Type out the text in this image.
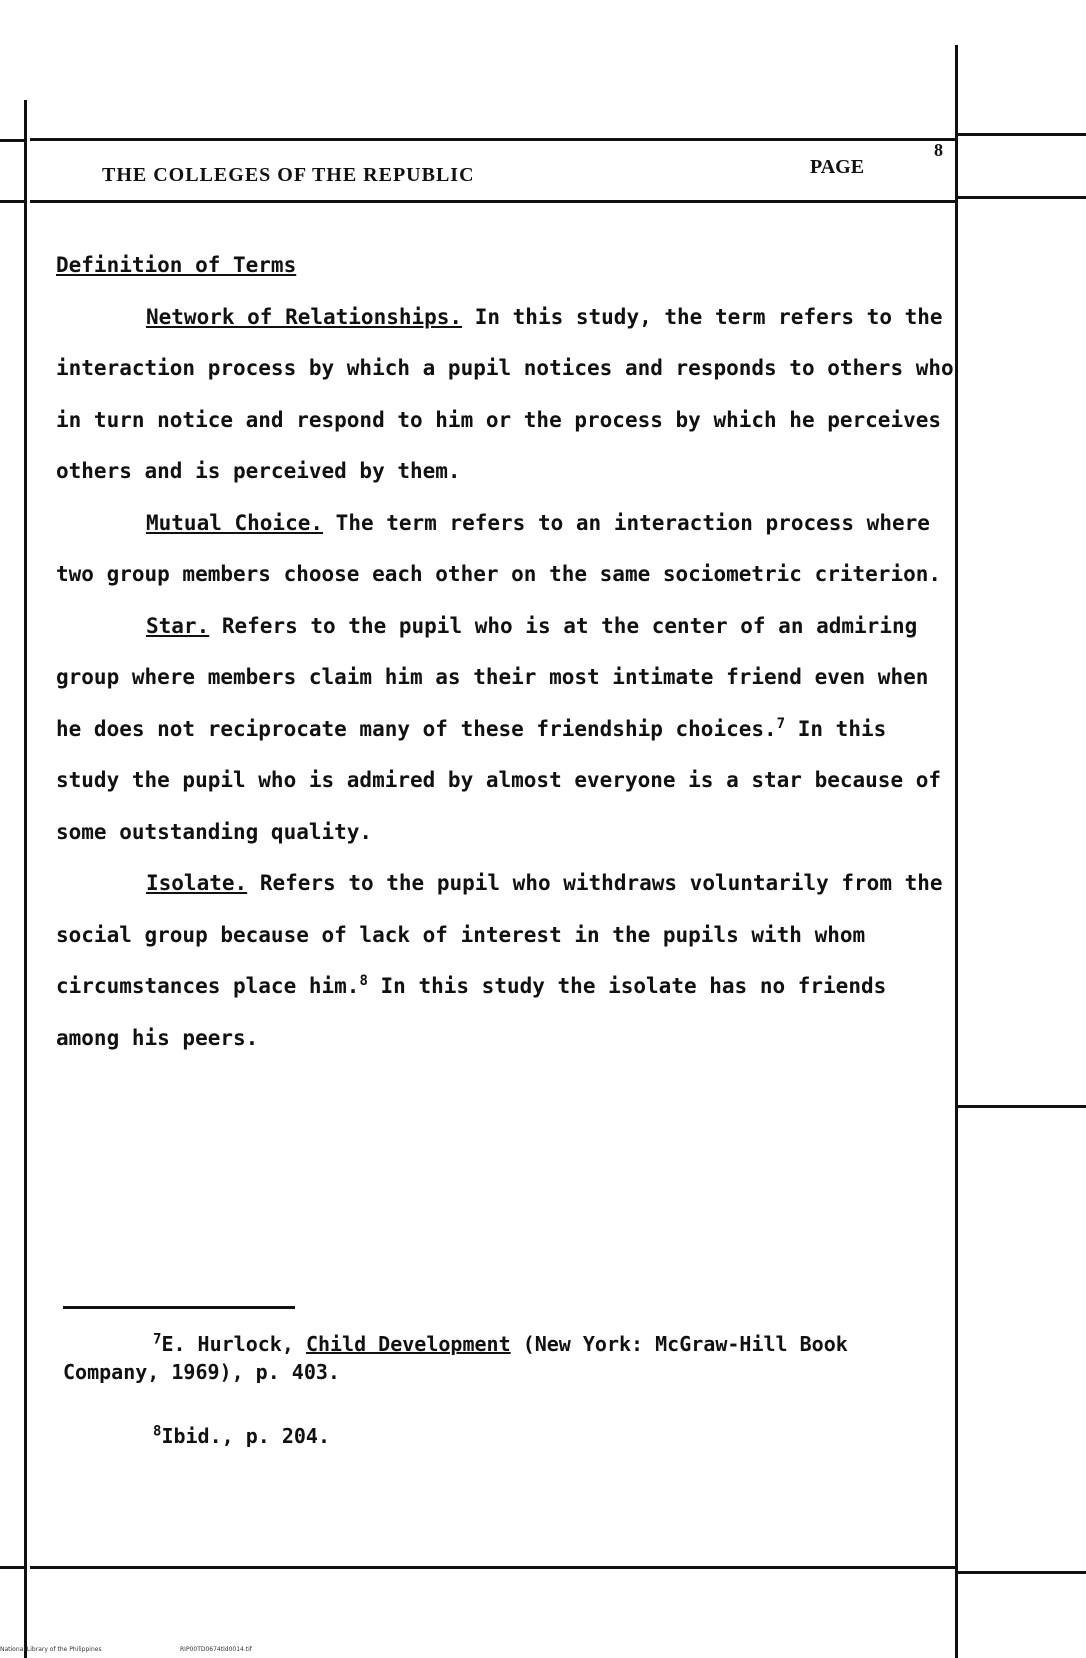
THE COLLEGES OF THE REPUBLIC	PAGE
8

Definition of Terms

Network of Relationships. In this study, the term refers to the interaction process by which a pupil notices and responds to others who in turn notice and respond to him or the process by which he perceives others and is perceived by them.

Mutual Choice. The term refers to an interaction process where two group members choose each other on the same sociometric criterion.

Star. Refers to the pupil who is at the center of an admiring group where members claim him as their most intimate friend even when he does not reciprocate many of these friendship choices.$^7$ In this study the pupil who is admired by almost everyone is a star because of some outstanding quality.

Isolate. Refers to the pupil who withdraws voluntarily from the social group because of lack of interest in the pupils with whom circumstances place him.$^8$ In this study the isolate has no friends among his peers.

$^7$E. Hurlock, Child Development (New York: McGraw-Hill Book Company, 1969), p. 403.

$^8$Ibid., p. 204.

National Library of the Philippines	RIP00TD0674tld0014.tif
